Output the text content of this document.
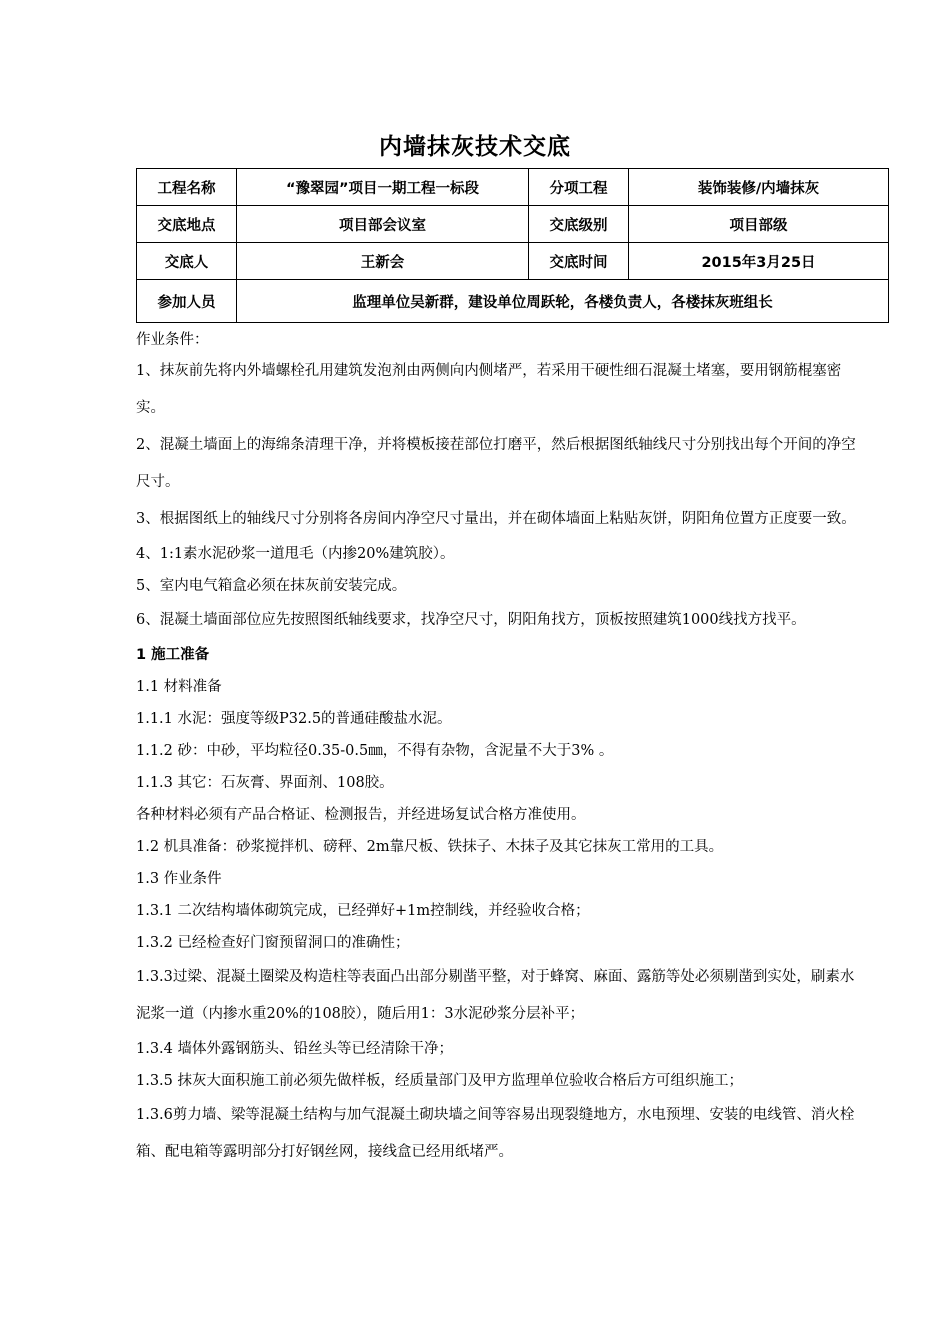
内墙抹灰技术交底
工程名称	“豫翠园”项目一期工程一标段	分项工程	装饰装修/内墙抹灰
交底地点	项目部会议室	交底级别	项目部级
交底人	王新会	交底时间	2015年3月25日
参加人员	监理单位吴新群，建设单位周跃轮，各楼负责人，各楼抹灰班组长		

作业条件：

1、抹灰前先将内外墙螺栓孔用建筑发泡剂由两侧向内侧堵严，若采用干硬性细石混凝土堵塞，要用钢筋棍塞密实。

2、混凝土墙面上的海绵条清理干净，并将模板接茬部位打磨平，然后根据图纸轴线尺寸分别找出每个开间的净空尺寸。

3、根据图纸上的轴线尺寸分别将各房间内净空尺寸量出，并在砌体墙面上粘贴灰饼，阴阳角位置方正度要一致。

4、1:1素水泥砂浆一道甩毛（内掺20%建筑胶）。

5、室内电气箱盒必须在抹灰前安装完成。

6、混凝土墙面部位应先按照图纸轴线要求，找净空尺寸，阴阳角找方，顶板按照建筑1000线找方找平。

1 施工准备

1.1 材料准备

1.1.1 水泥：强度等级P32.5的普通硅酸盐水泥。

1.1.2 砂：中砂，平均粒径0.35-0.5㎜，不得有杂物，含泥量不大于3% 。

1.1.3 其它：石灰膏、界面剂、108胶。

各种材料必须有产品合格证、检测报告，并经进场复试合格方准使用。

1.2 机具准备：砂浆搅拌机、磅秤、2m靠尺板、铁抹子、木抹子及其它抹灰工常用的工具。

1.3 作业条件

1.3.1 二次结构墙体砌筑完成，已经弹好+1m控制线，并经验收合格；

1.3.2 已经检查好门窗预留洞口的准确性；

1.3.3过梁、混凝土圈梁及构造柱等表面凸出部分剔凿平整，对于蜂窝、麻面、露筋等处必须剔凿到实处，刷素水泥浆一道（内掺水重20%的108胶），随后用1：3水泥砂浆分层补平；

1.3.4 墙体外露钢筋头、铅丝头等已经清除干净；

1.3.5 抹灰大面积施工前必须先做样板，经质量部门及甲方监理单位验收合格后方可组织施工；

1.3.6剪力墙、梁等混凝土结构与加气混凝土砌块墙之间等容易出现裂缝地方，水电预埋、安装的电线管、消火栓箱、配电箱等露明部分打好钢丝网，接线盒已经用纸堵严。
